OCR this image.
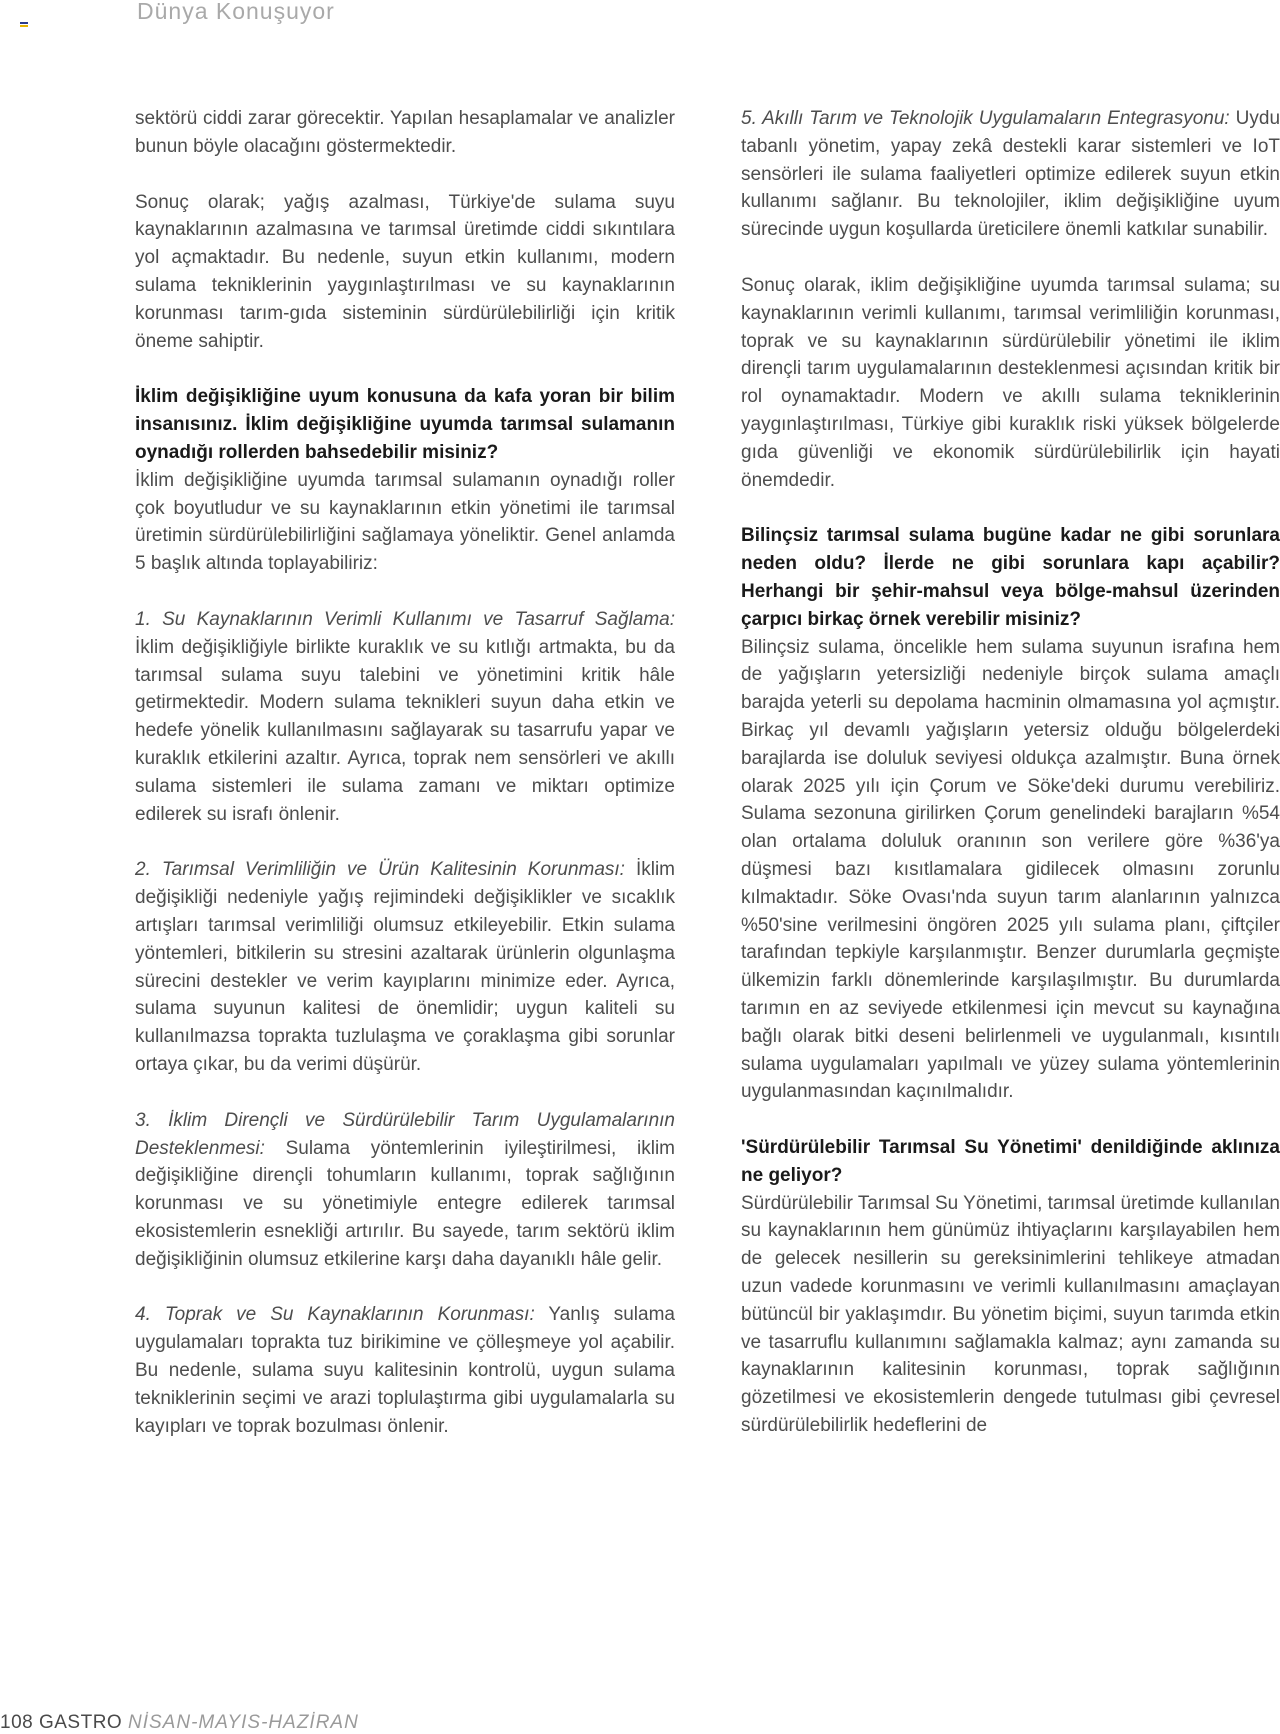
Dünya Konuşuyor

sektörü ciddi zarar görecektir. Yapılan hesaplamalar ve analizler bunun böyle olacağını göstermektedir.

Sonuç olarak; yağış azalması, Türkiye'de sulama suyu kaynaklarının azalmasına ve tarımsal üretimde ciddi sıkıntılara yol açmaktadır. Bu nedenle, suyun etkin kullanımı, modern sulama tekniklerinin yaygınlaştırılması ve su kaynaklarının korunması tarım-gıda sisteminin sürdürülebilirliği için kritik öneme sahiptir.

İklim değişikliğine uyum konusuna da kafa yoran bir bilim insanısınız. İklim değişikliğine uyumda tarımsal sulamanın oynadığı rollerden bahsedebilir misiniz?

İklim değişikliğine uyumda tarımsal sulamanın oynadığı roller çok boyutludur ve su kaynaklarının etkin yönetimi ile tarımsal üretimin sürdürülebilirliğini sağlamaya yöneliktir. Genel anlamda 5 başlık altında toplayabiliriz:

1. Su Kaynaklarının Verimli Kullanımı ve Tasarruf Sağlama: İklim değişikliğiyle birlikte kuraklık ve su kıtlığı artmakta, bu da tarımsal sulama suyu talebini ve yönetimini kritik hâle getirmektedir. Modern sulama teknikleri suyun daha etkin ve hedefe yönelik kullanılmasını sağlayarak su tasarrufu yapar ve kuraklık etkilerini azaltır. Ayrıca, toprak nem sensörleri ve akıllı sulama sistemleri ile sulama zamanı ve miktarı optimize edilerek su israfı önlenir.

2. Tarımsal Verimliliğin ve Ürün Kalitesinin Korunması: İklim değişikliği nedeniyle yağış rejimindeki değişiklikler ve sıcaklık artışları tarımsal verimliliği olumsuz etkileyebilir. Etkin sulama yöntemleri, bitkilerin su stresini azaltarak ürünlerin olgunlaşma sürecini destekler ve verim kayıplarını minimize eder. Ayrıca, sulama suyunun kalitesi de önemlidir; uygun kaliteli su kullanılmazsa toprakta tuzlulaşma ve çoraklaşma gibi sorunlar ortaya çıkar, bu da verimi düşürür.

3. İklim Dirençli ve Sürdürülebilir Tarım Uygulamalarının Desteklenmesi: Sulama yöntemlerinin iyileştirilmesi, iklim değişikliğine dirençli tohumların kullanımı, toprak sağlığının korunması ve su yönetimiyle entegre edilerek tarımsal ekosistemlerin esnekliği artırılır. Bu sayede, tarım sektörü iklim değişikliğinin olumsuz etkilerine karşı daha dayanıklı hâle gelir.

4. Toprak ve Su Kaynaklarının Korunması: Yanlış sulama uygulamaları toprakta tuz birikimine ve çölleşmeye yol açabilir. Bu nedenle, sulama suyu kalitesinin kontrolü, uygun sulama tekniklerinin seçimi ve arazi toplulaştırma gibi uygulamalarla su kayıpları ve toprak bozulması önlenir.

5. Akıllı Tarım ve Teknolojik Uygulamaların Entegrasyonu: Uydu tabanlı yönetim, yapay zekâ destekli karar sistemleri ve IoT sensörleri ile sulama faaliyetleri optimize edilerek suyun etkin kullanımı sağlanır. Bu teknolojiler, iklim değişikliğine uyum sürecinde uygun koşullarda üreticilere önemli katkılar sunabilir.

Sonuç olarak, iklim değişikliğine uyumda tarımsal sulama; su kaynaklarının verimli kullanımı, tarımsal verimliliğin korunması, toprak ve su kaynaklarının sürdürülebilir yönetimi ile iklim dirençli tarım uygulamalarının desteklenmesi açısından kritik bir rol oynamaktadır. Modern ve akıllı sulama tekniklerinin yaygınlaştırılması, Türkiye gibi kuraklık riski yüksek bölgelerde gıda güvenliği ve ekonomik sürdürülebilirlik için hayati önemdedir.

Bilinçsiz tarımsal sulama bugüne kadar ne gibi sorunlara neden oldu? İlerde ne gibi sorunlara kapı açabilir? Herhangi bir şehir-mahsul veya bölge-mahsul üzerinden çarpıcı birkaç örnek verebilir misiniz?

Bilinçsiz sulama, öncelikle hem sulama suyunun israfına hem de yağışların yetersizliği nedeniyle birçok sulama amaçlı barajda yeterli su depolama hacminin olmamasına yol açmıştır. Birkaç yıl devamlı yağışların yetersiz olduğu bölgelerdeki barajlarda ise doluluk seviyesi oldukça azalmıştır. Buna örnek olarak 2025 yılı için Çorum ve Söke'deki durumu verebiliriz. Sulama sezonuna girilirken Çorum genelindeki barajların %54 olan ortalama doluluk oranının son verilere göre %36'ya düşmesi bazı kısıtlamalara gidilecek olmasını zorunlu kılmaktadır. Söke Ovası'nda suyun tarım alanlarının yalnızca %50'sine verilmesini öngören 2025 yılı sulama planı, çiftçiler tarafından tepkiyle karşılanmıştır. Benzer durumlarla geçmişte ülkemizin farklı dönemlerinde karşılaşılmıştır. Bu durumlarda tarımın en az seviyede etkilenmesi için mevcut su kaynağına bağlı olarak bitki deseni belirlenmeli ve uygulanmalı, kısıntılı sulama uygulamaları yapılmalı ve yüzey sulama yöntemlerinin uygulanmasından kaçınılmalıdır.

'Sürdürülebilir Tarımsal Su Yönetimi' denildiğinde aklınıza ne geliyor?

Sürdürülebilir Tarımsal Su Yönetimi, tarımsal üretimde kullanılan su kaynaklarının hem günümüz ihtiyaçlarını karşılayabilen hem de gelecek nesillerin su gereksinimlerini tehlikeye atmadan uzun vadede korunmasını ve verimli kullanılmasını amaçlayan bütüncül bir yaklaşımdır. Bu yönetim biçimi, suyun tarımda etkin ve tasarruflu kullanımını sağlamakla kalmaz; aynı zamanda su kaynaklarının kalitesinin korunması, toprak sağlığının gözetilmesi ve ekosistemlerin dengede tutulması gibi çevresel sürdürülebilirlik hedeflerini de

108 GASTRO NİSAN-MAYIS-HAZİRAN
